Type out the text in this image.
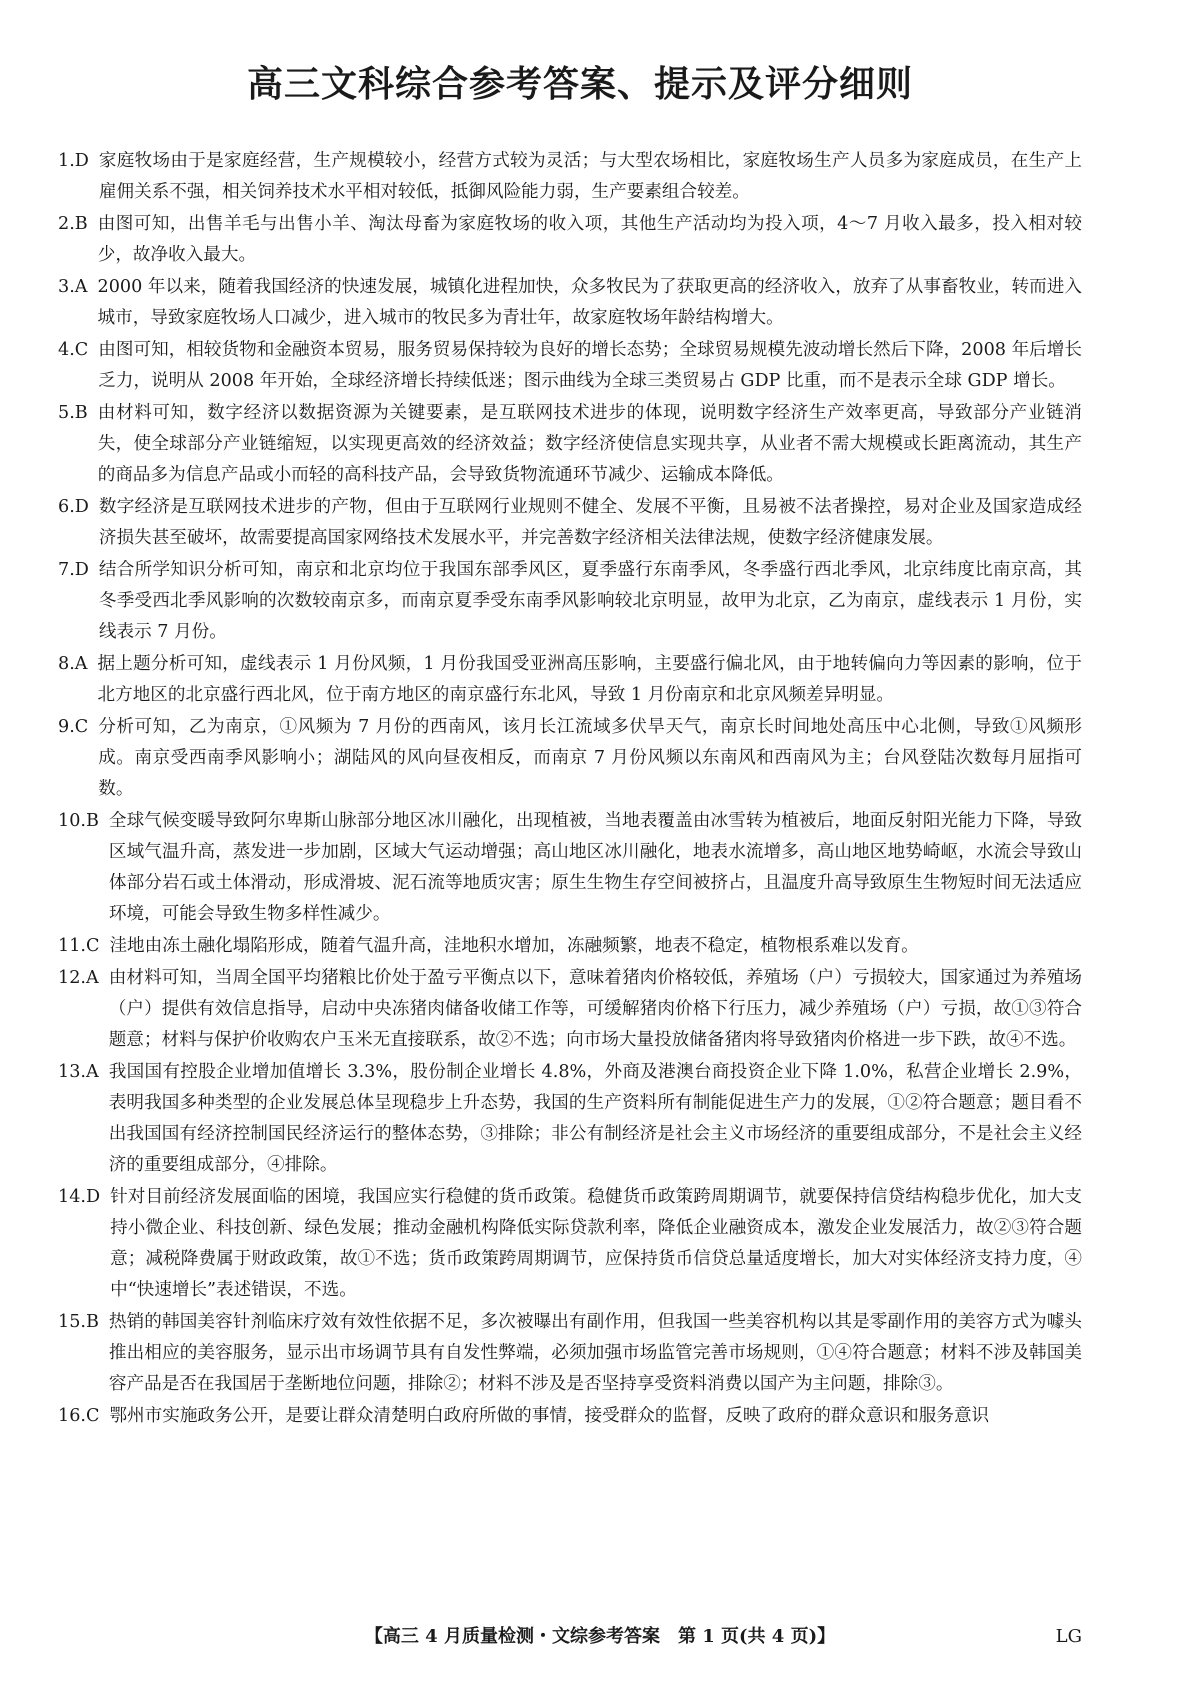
高三文科综合参考答案、提示及评分细则
1.D 家庭牧场由于是家庭经营，生产规模较小，经营方式较为灵活；与大型农场相比，家庭牧场生产人员多为家庭成员，在生产上雇佣关系不强，相关饲养技术水平相对较低，抵御风险能力弱，生产要素组合较差。
2.B 由图可知，出售羊毛与出售小羊、淘汰母畜为家庭牧场的收入项，其他生产活动均为投入项，4～7 月收入最多，投入相对较少，故净收入最大。
3.A 2000 年以来，随着我国经济的快速发展，城镇化进程加快，众多牧民为了获取更高的经济收入，放弃了从事畜牧业，转而进入城市，导致家庭牧场人口减少，进入城市的牧民多为青壮年，故家庭牧场年龄结构增大。
4.C 由图可知，相较货物和金融资本贸易，服务贸易保持较为良好的增长态势；全球贸易规模先波动增长然后下降，2008 年后增长乏力，说明从 2008 年开始，全球经济增长持续低迷；图示曲线为全球三类贸易占 GDP 比重，而不是表示全球 GDP 增长。
5.B 由材料可知，数字经济以数据资源为关键要素，是互联网技术进步的体现，说明数字经济生产效率更高，导致部分产业链消失，使全球部分产业链缩短，以实现更高效的经济效益；数字经济使信息实现共享，从业者不需大规模或长距离流动，其生产的商品多为信息产品或小而轻的高科技产品，会导致货物流通环节减少、运输成本降低。
6.D 数字经济是互联网技术进步的产物，但由于互联网行业规则不健全、发展不平衡，且易被不法者操控，易对企业及国家造成经济损失甚至破坏，故需要提高国家网络技术发展水平，并完善数字经济相关法律法规，使数字经济健康发展。
7.D 结合所学知识分析可知，南京和北京均位于我国东部季风区，夏季盛行东南季风，冬季盛行西北季风，北京纬度比南京高，其冬季受西北季风影响的次数较南京多，而南京夏季受东南季风影响较北京明显，故甲为北京，乙为南京，虚线表示 1 月份，实线表示 7 月份。
8.A 据上题分析可知，虚线表示 1 月份风频，1 月份我国受亚洲高压影响，主要盛行偏北风，由于地转偏向力等因素的影响，位于北方地区的北京盛行西北风，位于南方地区的南京盛行东北风，导致 1 月份南京和北京风频差异明显。
9.C 分析可知，乙为南京，①风频为 7 月份的西南风，该月长江流域多伏旱天气，南京长时间地处高压中心北侧，导致①风频形成。南京受西南季风影响小；湖陆风的风向昼夜相反，而南京 7 月份风频以东南风和西南风为主；台风登陆次数每月屈指可数。
10.B 全球气候变暖导致阿尔卑斯山脉部分地区冰川融化，出现植被，当地表覆盖由冰雪转为植被后，地面反射阳光能力下降，导致区域气温升高，蒸发进一步加剧，区域大气运动增强；高山地区冰川融化，地表水流增多，高山地区地势崎岖，水流会导致山体部分岩石或土体滑动，形成滑坡、泥石流等地质灾害；原生生物生存空间被挤占，且温度升高导致原生生物短时间无法适应环境，可能会导致生物多样性减少。
11.C 洼地由冻土融化塌陷形成，随着气温升高，洼地积水增加，冻融频繁，地表不稳定，植物根系难以发育。
12.A 由材料可知，当周全国平均猪粮比价处于盈亏平衡点以下，意味着猪肉价格较低，养殖场（户）亏损较大，国家通过为养殖场（户）提供有效信息指导，启动中央冻猪肉储备收储工作等，可缓解猪肉价格下行压力，减少养殖场（户）亏损，故①③符合题意；材料与保护价收购农户玉米无直接联系，故②不选；向市场大量投放储备猪肉将导致猪肉价格进一步下跌，故④不选。
13.A 我国国有控股企业增加值增长 3.3%，股份制企业增长 4.8%，外商及港澳台商投资企业下降 1.0%，私营企业增长 2.9%，表明我国多种类型的企业发展总体呈现稳步上升态势，我国的生产资料所有制能促进生产力的发展，①②符合题意；题目看不出我国国有经济控制国民经济运行的整体态势，③排除；非公有制经济是社会主义市场经济的重要组成部分，不是社会主义经济的重要组成部分，④排除。
14.D 针对目前经济发展面临的困境，我国应实行稳健的货币政策。稳健货币政策跨周期调节，就要保持信贷结构稳步优化，加大支持小微企业、科技创新、绿色发展；推动金融机构降低实际贷款利率，降低企业融资成本，激发企业发展活力，故②③符合题意；减税降费属于财政政策，故①不选；货币政策跨周期调节，应保持货币信贷总量适度增长，加大对实体经济支持力度，④中“快速增长”表述错误，不选。
15.B 热销的韩国美容针剂临床疗效有效性依据不足，多次被曝出有副作用，但我国一些美容机构以其是零副作用的美容方式为噱头推出相应的美容服务，显示出市场调节具有自发性弊端，必须加强市场监管完善市场规则，①④符合题意；材料不涉及韩国美容产品是否在我国居于垄断地位问题，排除②；材料不涉及是否坚持享受资料消费以国产为主问题，排除③。
16.C 鄂州市实施政务公开，是要让群众清楚明白政府所做的事情，接受群众的监督，反映了政府的群众意识和服务意识
【高三 4 月质量检测・文综参考答案　第 1 页(共 4 页)】	LG
